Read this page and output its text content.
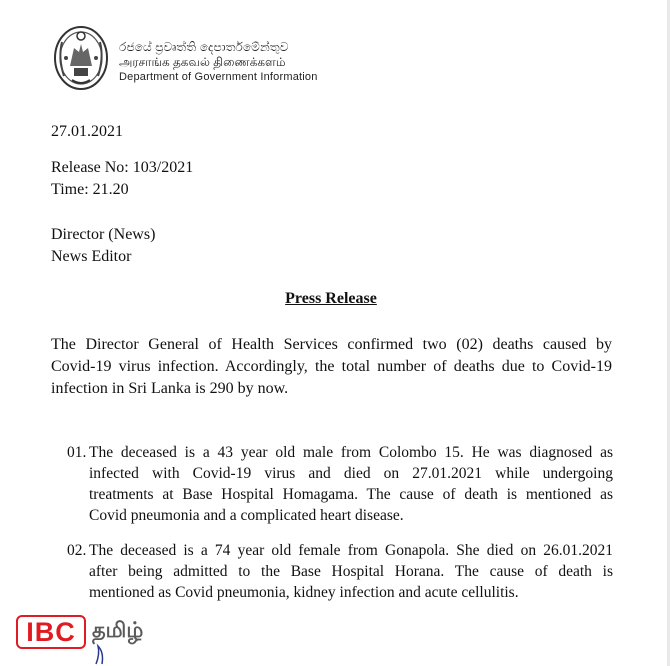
රජයේ ප්‍රවෘත්ති දෙපාර්තමේන්තුව
அரசாங்க தகவல் திணைக்களம்
Department of Government Information
27.01.2021
Release No: 103/2021
Time: 21.20
Director (News)
News Editor
Press Release
The Director General of Health Services confirmed two (02) deaths caused by
Covid-19 virus infection. Accordingly, the total number of deaths due to Covid-19
infection in Sri Lanka is 290 by now.
01. The deceased is a 43 year old male from Colombo 15. He was diagnosed as
infected with Covid-19 virus and died on 27.01.2021 while undergoing
treatments at Base Hospital Homagama. The cause of death is mentioned as
Covid pneumonia and a complicated heart disease.
02. The deceased is a 74 year old female from Gonapola. She died on 26.01.2021
after being admitted to the Base Hospital Horana. The cause of death is
mentioned as Covid pneumonia, kidney infection and acute cellulitis.
IBC தமிழ்
